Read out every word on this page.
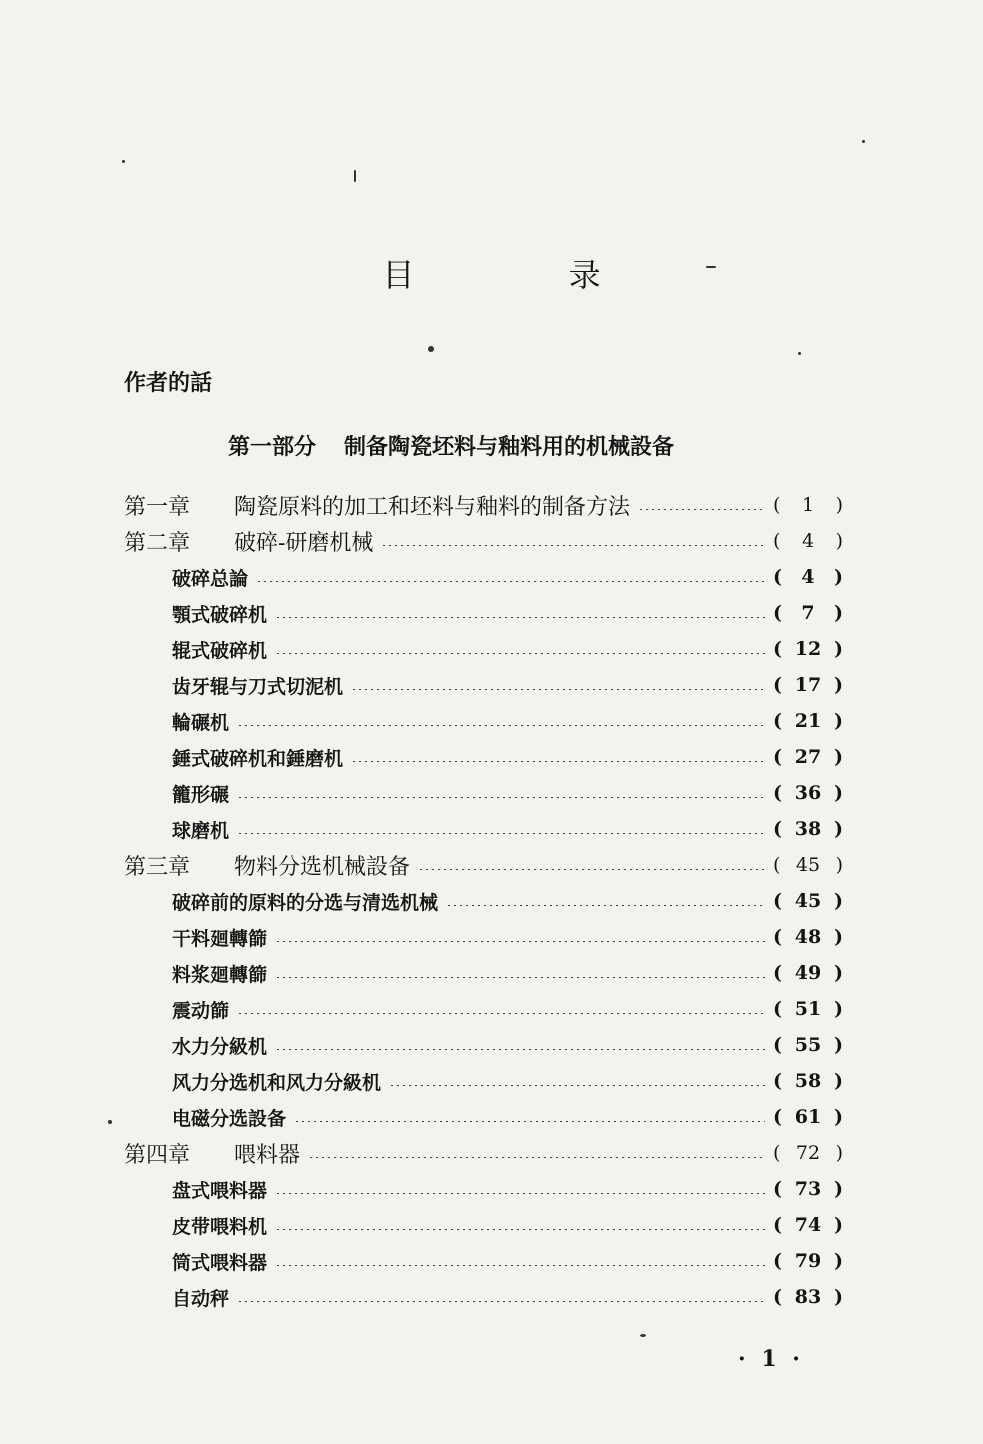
目 录
作者的話
第一部分 制备陶瓷坯料与釉料用的机械設备
第一章	陶瓷原料的加工和坯料与釉料的制备方法	( 1 )
第二章	破碎-研磨机械	( 4 )
破碎总論	( 4 )
顎式破碎机	( 7 )
辊式破碎机	( 12 )
齿牙辊与刀式切泥机	( 17 )
輪碾机	( 21 )
錘式破碎机和錘磨机	( 27 )
籠形碾	( 36 )
球磨机	( 38 )
第三章	物料分选机械設备	( 45 )
破碎前的原料的分选与清选机械	( 45 )
干料廻轉篩	( 48 )
料浆廻轉篩	( 49 )
震动篩	( 51 )
水力分級机	( 55 )
风力分选机和风力分級机	( 58 )
电磁分选設备	( 61 )
第四章	喂料器	( 72 )
盘式喂料器	( 73 )
皮带喂料机	( 74 )
筒式喂料器	( 79 )
自动秤	( 83 )
· 1 ·
